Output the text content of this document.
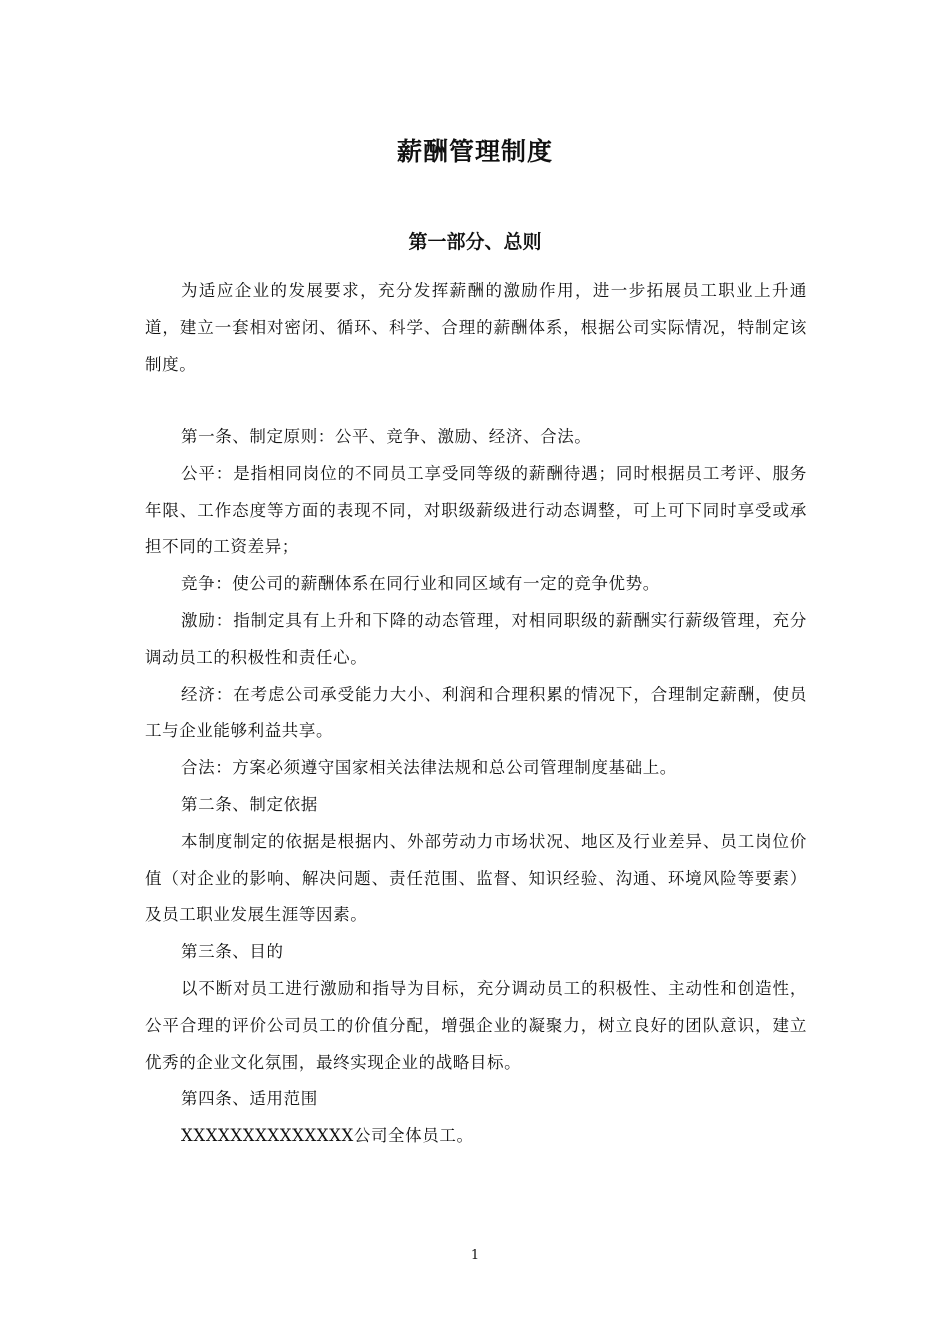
薪酬管理制度
第一部分、总则

为适应企业的发展要求，充分发挥薪酬的激励作用，进一步拓展员工职业上升通道，建立一套相对密闭、循环、科学、合理的薪酬体系，根据公司实际情况，特制定该制度。

第一条、制定原则：公平、竞争、激励、经济、合法。

公平：是指相同岗位的不同员工享受同等级的薪酬待遇；同时根据员工考评、服务年限、工作态度等方面的表现不同，对职级薪级进行动态调整，可上可下同时享受或承担不同的工资差异；

竞争：使公司的薪酬体系在同行业和同区域有一定的竞争优势。

激励：指制定具有上升和下降的动态管理，对相同职级的薪酬实行薪级管理，充分调动员工的积极性和责任心。

经济：在考虑公司承受能力大小、利润和合理积累的情况下，合理制定薪酬，使员工与企业能够利益共享。

合法：方案必须遵守国家相关法律法规和总公司管理制度基础上。

第二条、制定依据

本制度制定的依据是根据内、外部劳动力市场状况、地区及行业差异、员工岗位价值（对企业的影响、解决问题、责任范围、监督、知识经验、沟通、环境风险等要素）及员工职业发展生涯等因素。

第三条、目的

以不断对员工进行激励和指导为目标，充分调动员工的积极性、主动性和创造性，公平合理的评价公司员工的价值分配，增强企业的凝聚力，树立良好的团队意识，建立优秀的企业文化氛围，最终实现企业的战略目标。

第四条、适用范围

XXXXXXXXXXXXXX公司全体员工。

1
